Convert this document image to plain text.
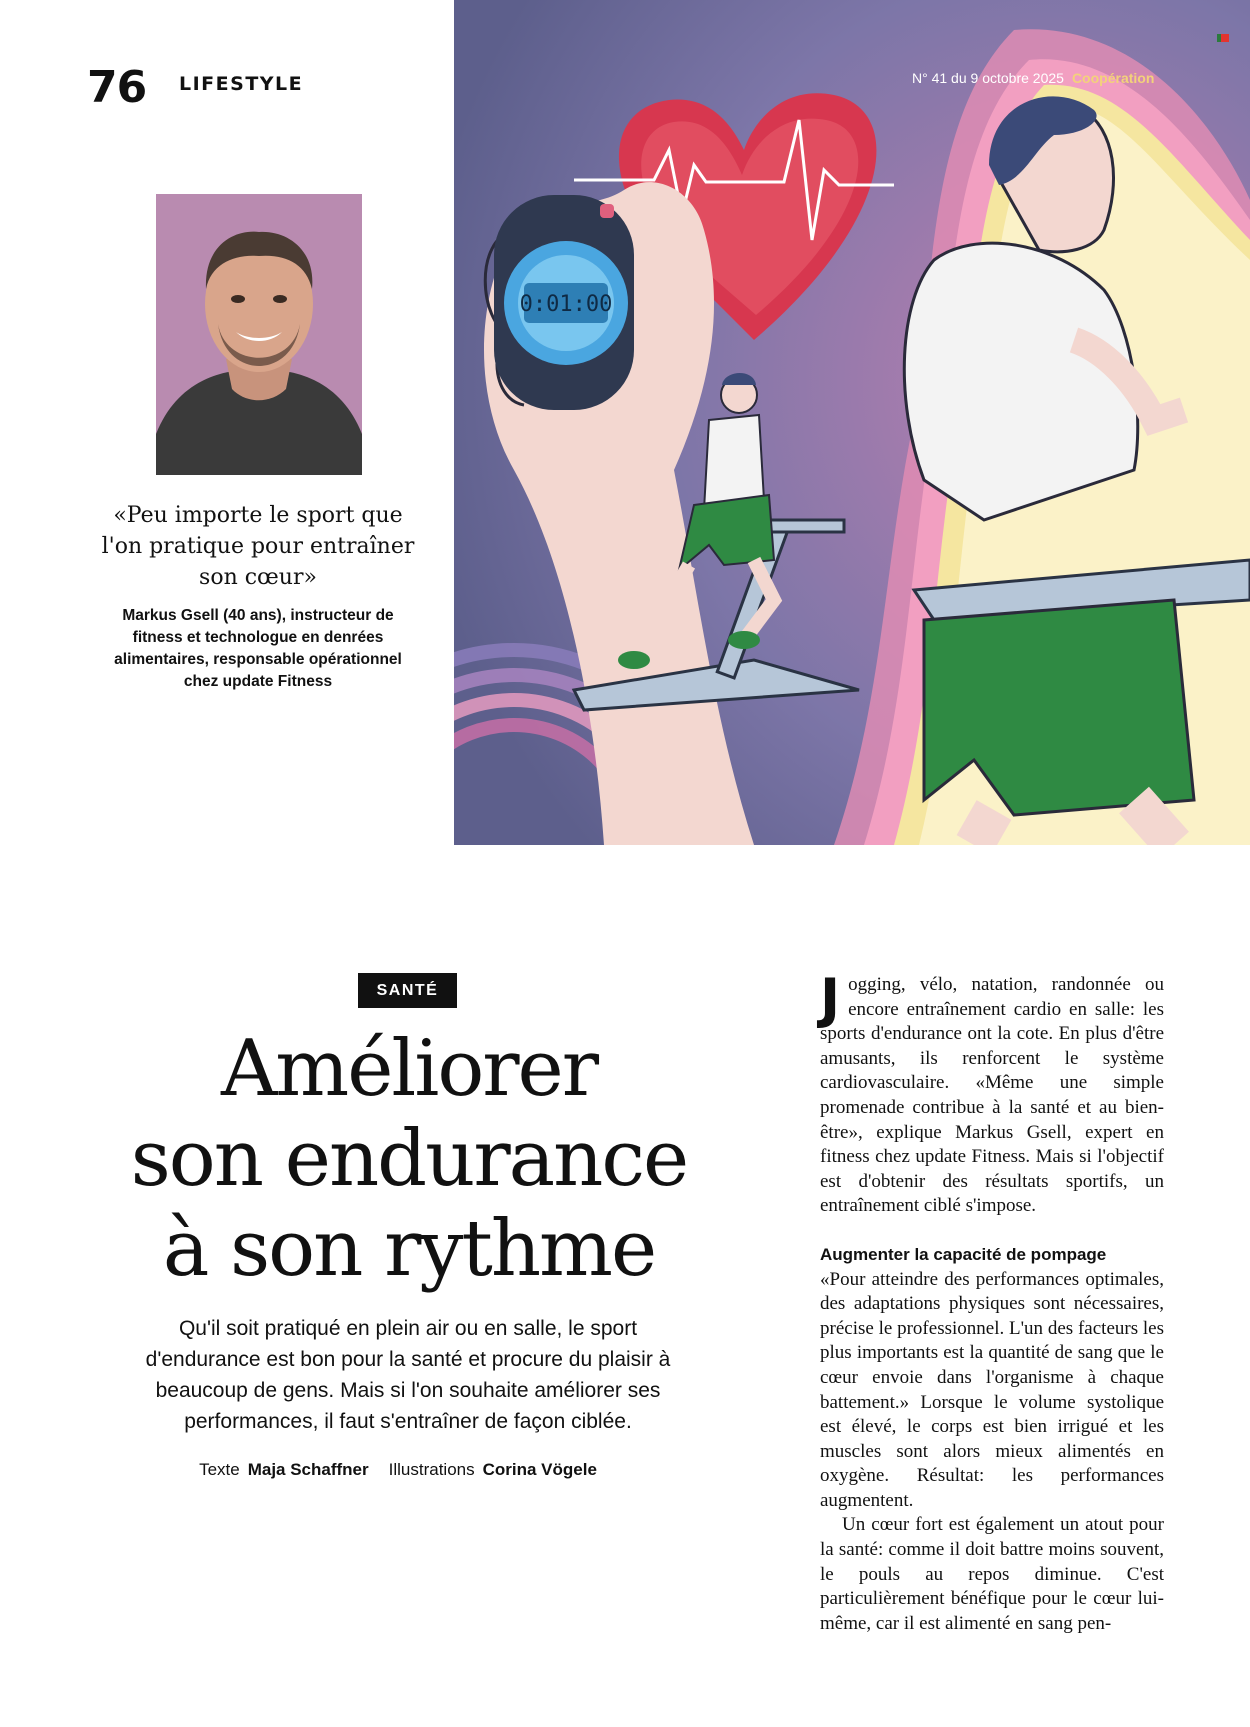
76 LIFESTYLE
0:01:00
N° 41 du 9 octobre 2025 Coopération
«Peu importe le sport que l'on pratique pour entraîner son cœur»
Markus Gsell (40 ans), instructeur de fitness et technologue en denrées alimentaires, responsable opérationnel chez update Fitness
SANTÉ
Améliorer
son endurance
à son rythme
Qu'il soit pratiqué en plein air ou en salle, le sport d'endurance est bon pour la santé et procure du plaisir à beaucoup de gens. Mais si l'on souhaite améliorer ses performances, il faut s'entraîner de façon ciblée.
Texte Maja Schaffner Illustrations Corina Vögele

Jogging, vélo, natation, randonnée ou encore entraînement cardio en salle: les sports d'endurance ont la cote. En plus d'être amusants, ils renforcent le système cardiovasculaire. «Même une simple promenade contribue à la santé et au bien-être», explique Markus Gsell, expert en fitness chez update Fitness. Mais si l'objectif est d'obtenir des résultats sportifs, un entraînement ciblé s'impose.

Augmenter la capacité de pompage

«Pour atteindre des performances optimales, des adaptations physiques sont nécessaires, précise le professionnel. L'un des facteurs les plus importants est la quantité de sang que le cœur envoie dans l'organisme à chaque battement.» Lorsque le volume systolique est élevé, le corps est bien irrigué et les muscles sont alors mieux alimentés en oxygène. Résultat: les performances augmentent.

Un cœur fort est également un atout pour la santé: comme il doit battre moins souvent, le pouls au repos diminue. C'est particulièrement bénéfique pour le cœur lui-même, car il est alimenté en sang pen-
